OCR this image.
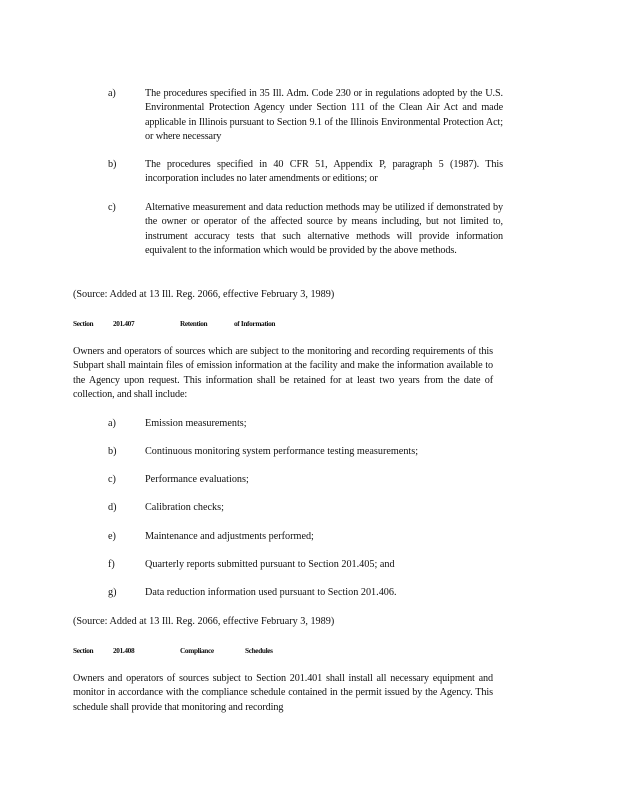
a)	The procedures specified in 35 Ill. Adm. Code 230 or in regulations adopted by the U.S. Environmental Protection Agency under Section 111 of the Clean Air Act and made applicable in Illinois pursuant to Section 9.1 of the Illinois Environmental Protection Act; or where necessary
b)	The procedures specified in 40 CFR 51, Appendix P, paragraph 5 (1987). This incorporation includes no later amendments or editions; or
c)	Alternative measurement and data reduction methods may be utilized if demonstrated by the owner or operator of the affected source by means including, but not limited to, instrument accuracy tests that such alternative methods will provide information equivalent to the information which would be provided by the above methods.
(Source: Added at 13 Ill. Reg. 2066, effective February 3, 1989)
Section	201.407	Retention	of Information
Owners and operators of sources which are subject to the monitoring and recording requirements of this Subpart shall maintain files of emission information at the facility and make the information available to the Agency upon request. This information shall be retained for at least two years from the date of collection, and shall include:
a)	Emission measurements;
b)	Continuous monitoring system performance testing measurements;
c)	Performance evaluations;
d)	Calibration checks;
e)	Maintenance and adjustments performed;
f)	Quarterly reports submitted pursuant to Section 201.405; and
g)	Data reduction information used pursuant to Section 201.406.
(Source: Added at 13 Ill. Reg. 2066, effective February 3, 1989)
Section	201.408	Compliance	Schedules
Owners and operators of sources subject to Section 201.401 shall install all necessary equipment and monitor in accordance with the compliance schedule contained in the permit issued by the Agency. This schedule shall provide that monitoring and recording
